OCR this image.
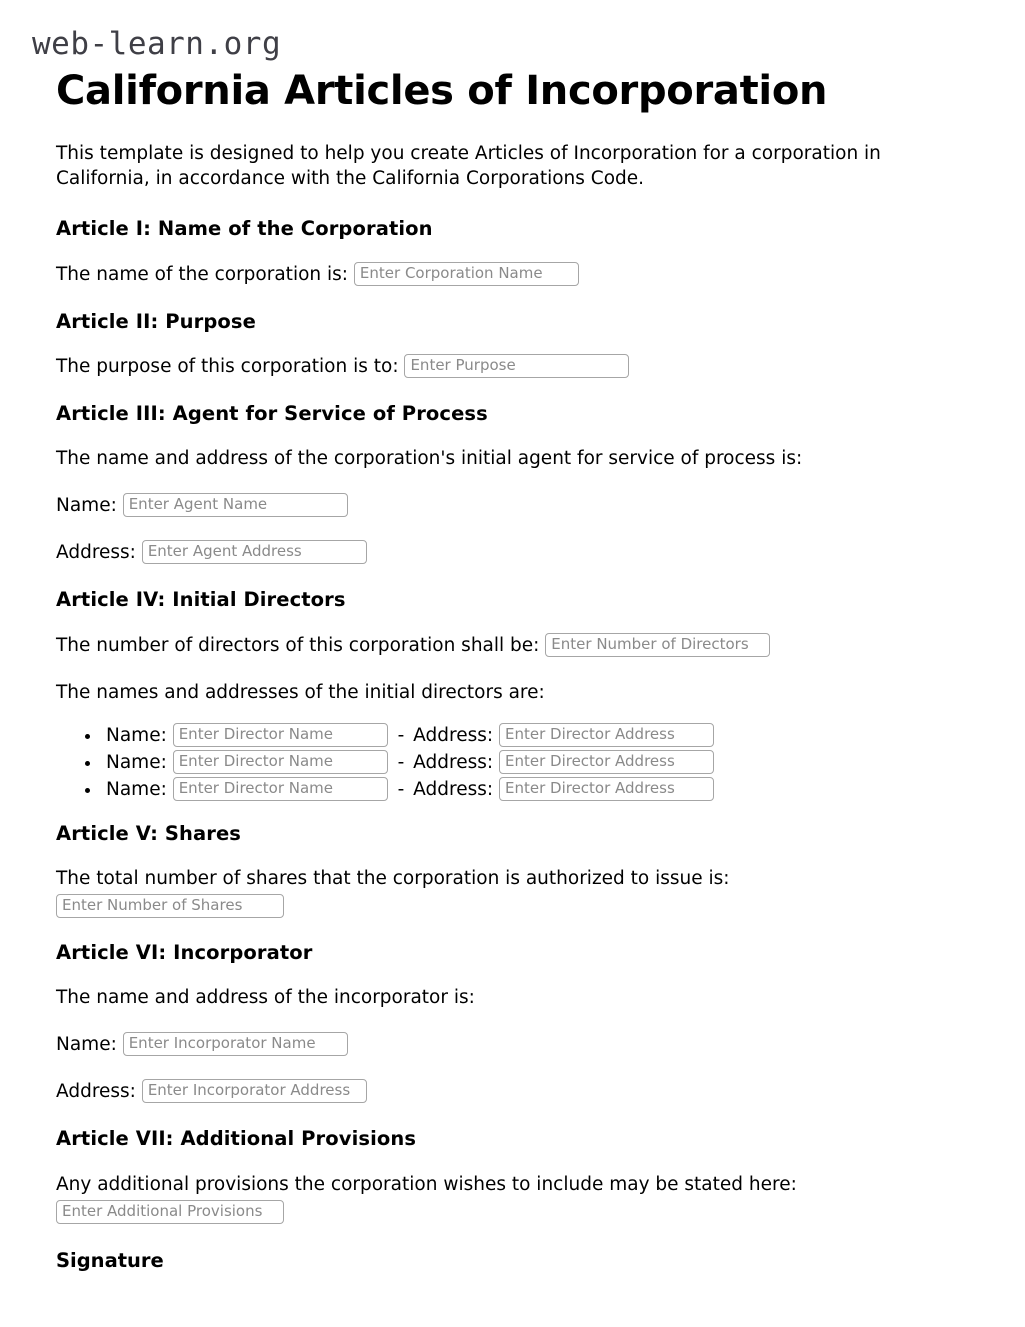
web-learn.org
California Articles of Incorporation

This template is designed to help you create Articles of Incorporation for a corporation in California, in accordance with the California Corporations Code.

Article I: Name of the Corporation

The name of the corporation is: Enter Corporation Name

Article II: Purpose

The purpose of this corporation is to: Enter Purpose

Article III: Agent for Service of Process

The name and address of the corporation's initial agent for service of process is:

Name: Enter Agent Name

Address: Enter Agent Address

Article IV: Initial Directors

The number of directors of this corporation shall be: Enter Number of Directors

The names and addresses of the initial directors are:

• Name: Enter Director Name	- Address: Enter Director Address
• Name: Enter Director Name	- Address: Enter Director Address
• Name: Enter Director Name	- Address: Enter Director Address
Article V: Shares

The total number of shares that the corporation is authorized to issue is:
Enter Number of Shares

Article VI: Incorporator

The name and address of the incorporator is:

Name: Enter Incorporator Name

Address: Enter Incorporator Address

Article VII: Additional Provisions

Any additional provisions the corporation wishes to include may be stated here:
Enter Additional Provisions

Signature
